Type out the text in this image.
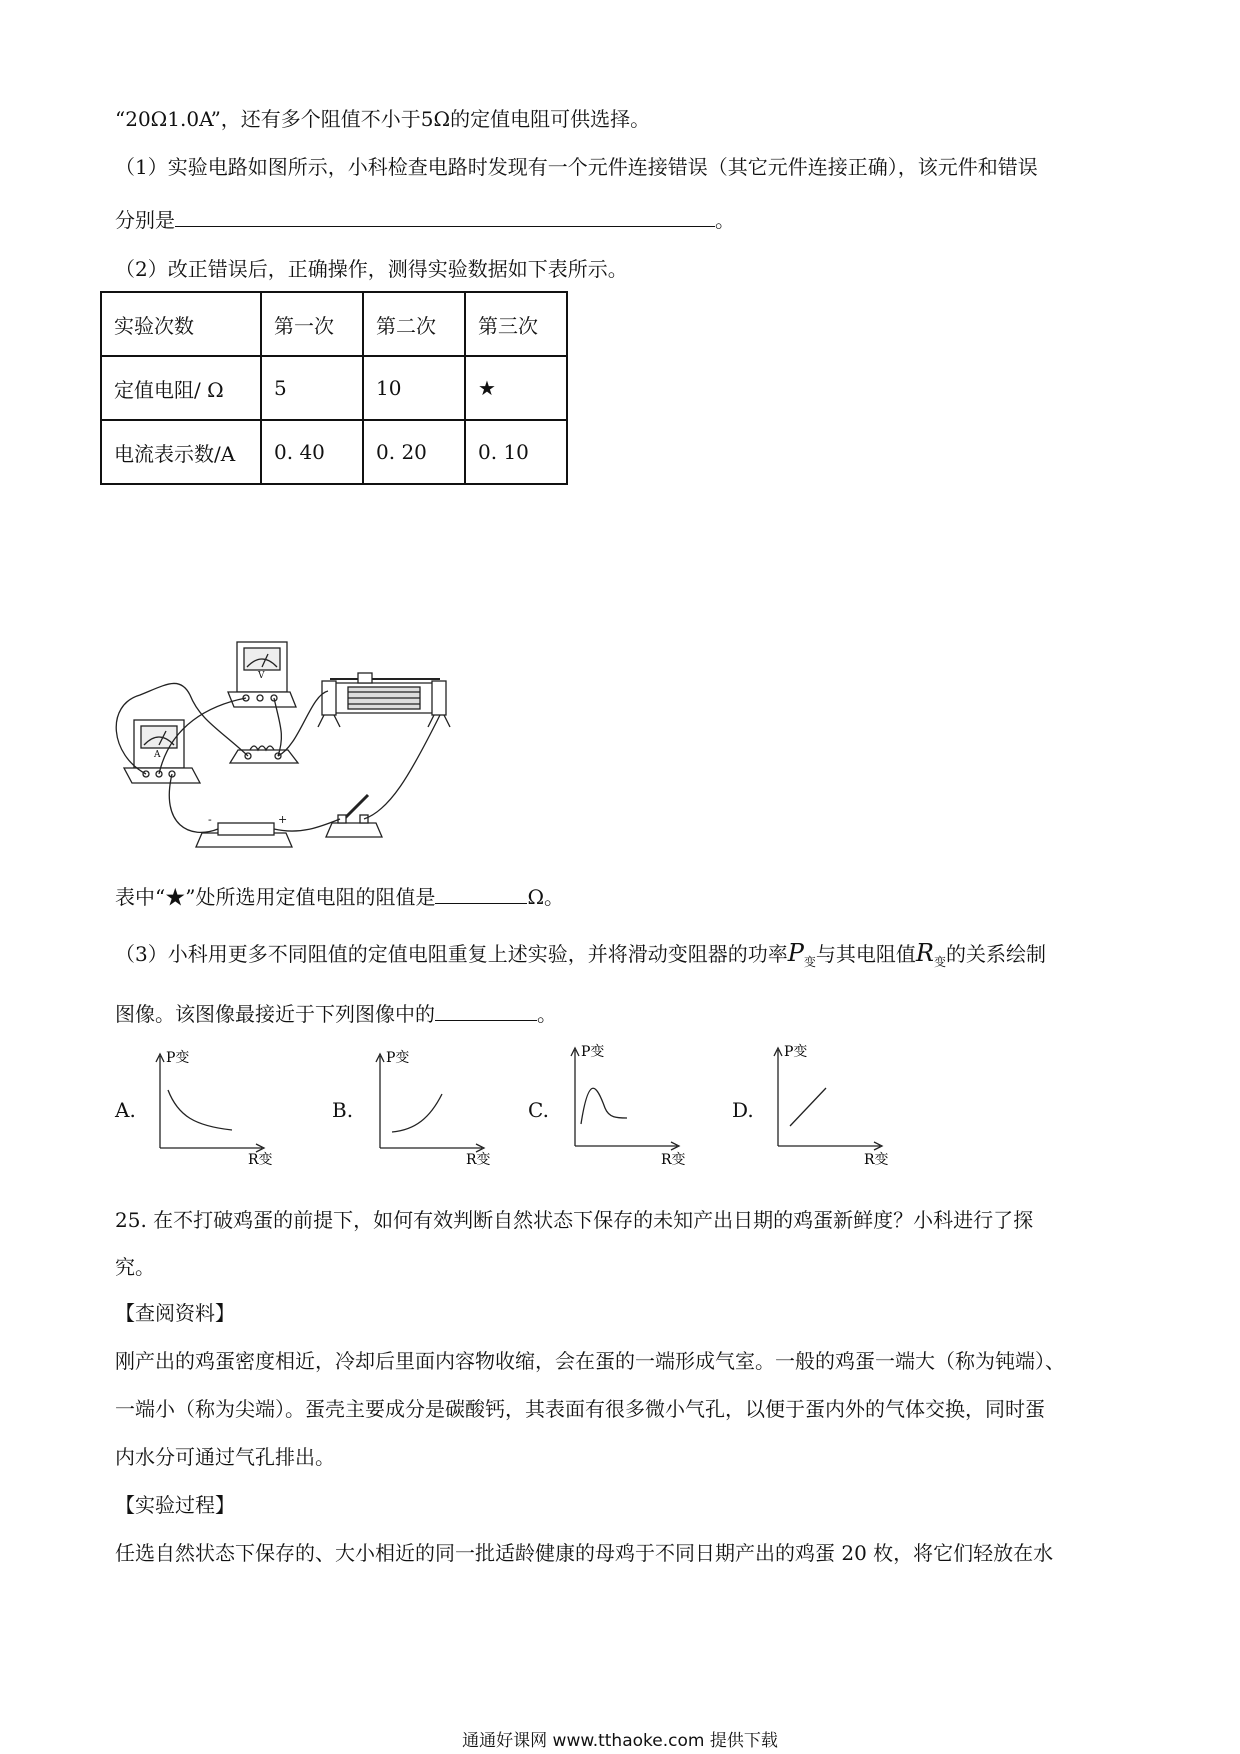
“20Ω1.0A”，还有多个阻值不小于5Ω的定值电阻可供选择。
（1）实验电路如图所示，小科检查电路时发现有一个元件连接错误（其它元件连接正确），该元件和错误
分别是	。
（2）改正错误后，正确操作，测得实验数据如下表所示。
实验次数	第一次	第二次	第三次
定值电阻/ Ω	5	10	★
电流表示数/A	0. 40	0. 20	0. 10
A
V
-	+
表中“★”处所选用定值电阻的阻值是	Ω。
（3）小科用更多不同阻值的定值电阻重复上述实验，并将滑动变阻器的功率$P_变$与其电阻值$R_变$的关系绘制
图像。该图像最接近于下列图像中的	。
A.
P变
R变
B.
P变
R变
C.
P变
R变
D.
P变
R变
25. 在不打破鸡蛋的前提下，如何有效判断自然状态下保存的未知产出日期的鸡蛋新鲜度？小科进行了探
究。
【查阅资料】
刚产出的鸡蛋密度相近，冷却后里面内容物收缩，会在蛋的一端形成气室。一般的鸡蛋一端大（称为钝端）、
一端小（称为尖端）。蛋壳主要成分是碳酸钙，其表面有很多微小气孔，以便于蛋内外的气体交换，同时蛋
内水分可通过气孔排出。
【实验过程】
任选自然状态下保存的、大小相近的同一批适龄健康的母鸡于不同日期产出的鸡蛋 20 枚，将它们轻放在水
通通好课网 www.tthaoke.com 提供下载
